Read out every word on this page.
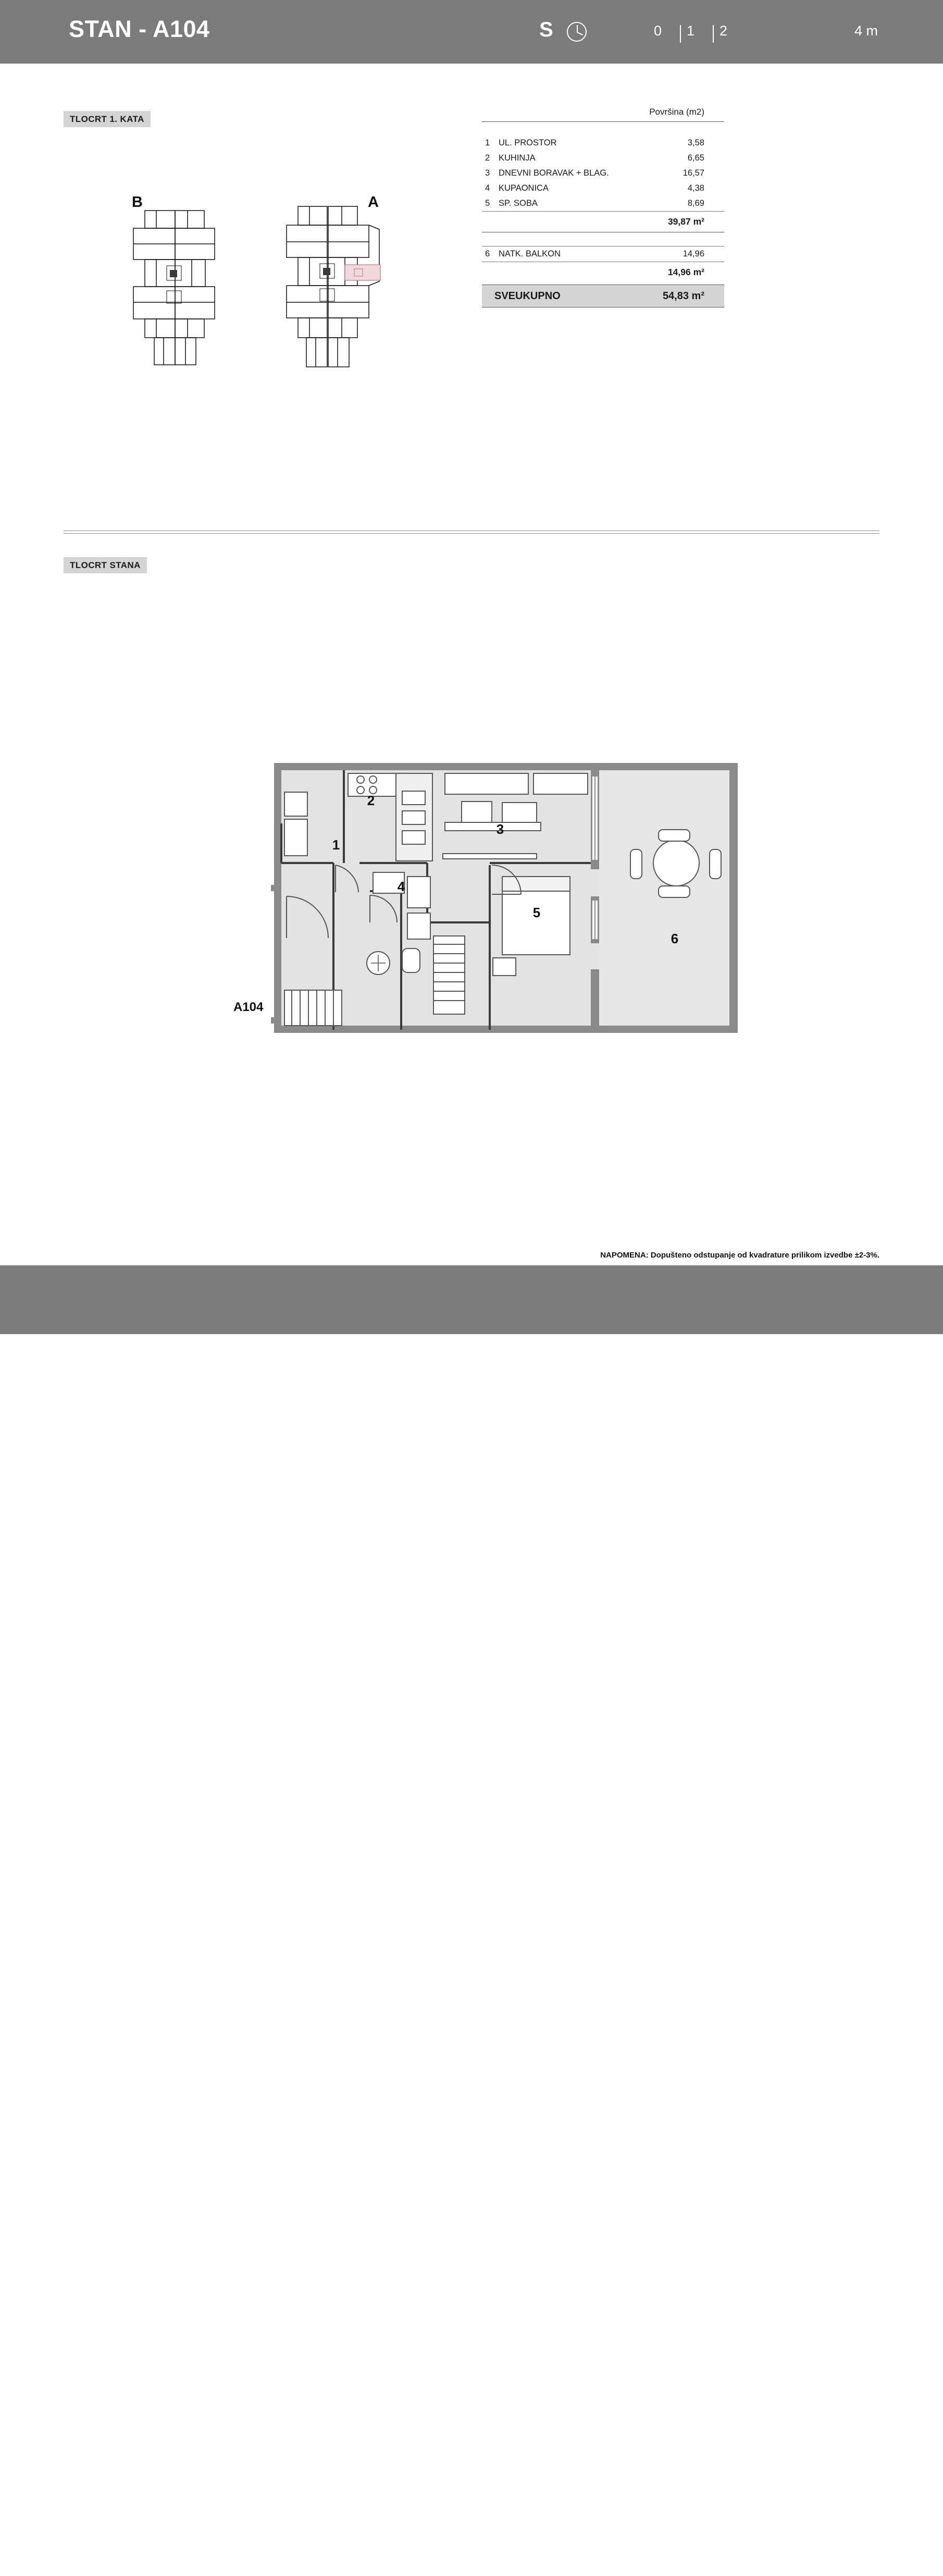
STAN - A104	S	0 1 2	4 m
TLOCRT 1. KATA
TLOCRT STANA
B	A
Površina (m2)
1	UL. PROSTOR	3,58
2	KUHINJA	6,65
3	DNEVNI BORAVAK + BLAG.	16,57
4	KUPAONICA	4,38
5	SP. SOBA	8,69
39,87 m²
6	NATK. BALKON	14,96
14,96 m²
SVEUKUPNO	54,83 m²
A104
1
2
3
4
5
6
NAPOMENA: Dopušteno odstupanje od kvadrature prilikom izvedbe ±2-3%.
RE-LU GRADNJA d.o.o.
Zagreb, Kalinovica 5
Kontakt
098 311 739
Višestambena građevina
Nova Cesta 158-160, Zagreb
